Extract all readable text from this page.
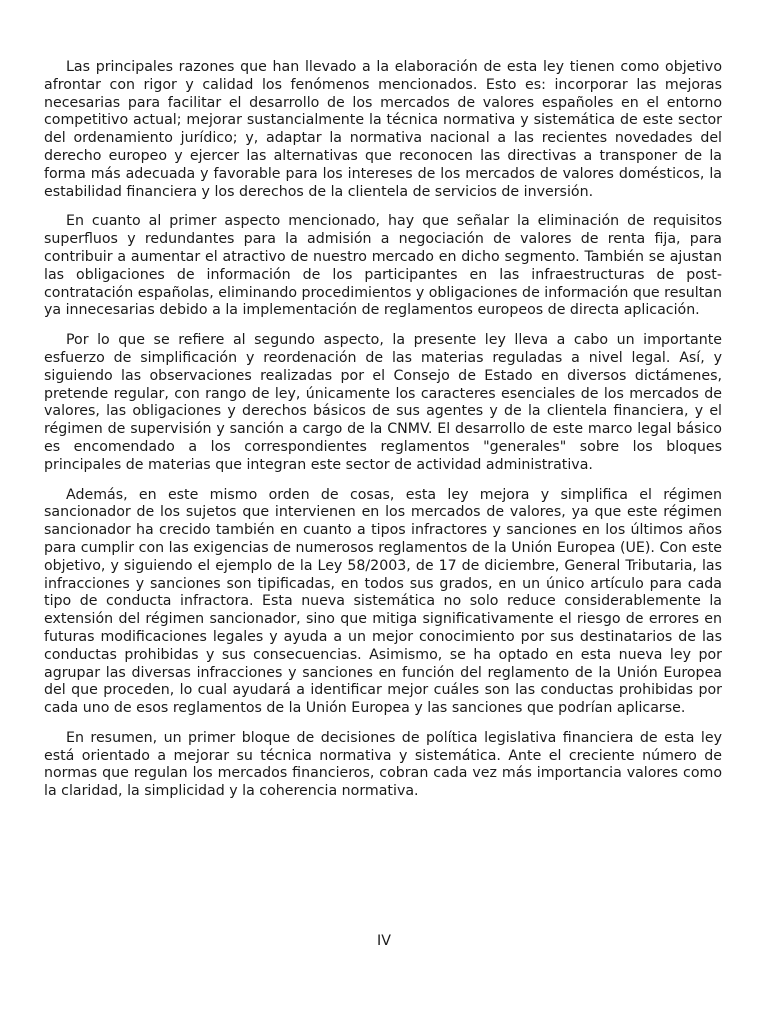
Las principales razones que han llevado a la elaboración de esta ley tienen como objetivo afrontar con rigor y calidad los fenómenos mencionados. Esto es: incorporar las mejoras necesarias para facilitar el desarrollo de los mercados de valores españoles en el entorno competitivo actual; mejorar sustancialmente la técnica normativa y sistemática de este sector del ordenamiento jurídico; y, adaptar la normativa nacional a las recientes novedades del derecho europeo y ejercer las alternativas que reconocen las directivas a transponer de la forma más adecuada y favorable para los intereses de los mercados de valores domésticos, la estabilidad financiera y los derechos de la clientela de servicios de inversión.

En cuanto al primer aspecto mencionado, hay que señalar la eliminación de requisitos superfluos y redundantes para la admisión a negociación de valores de renta fija, para contribuir a aumentar el atractivo de nuestro mercado en dicho segmento. También se ajustan las obligaciones de información de los participantes en las infraestructuras de post-contratación españolas, eliminando procedimientos y obligaciones de información que resultan ya innecesarias debido a la implementación de reglamentos europeos de directa aplicación.

Por lo que se refiere al segundo aspecto, la presente ley lleva a cabo un importante esfuerzo de simplificación y reordenación de las materias reguladas a nivel legal. Así, y siguiendo las observaciones realizadas por el Consejo de Estado en diversos dictámenes, pretende regular, con rango de ley, únicamente los caracteres esenciales de los mercados de valores, las obligaciones y derechos básicos de sus agentes y de la clientela financiera, y el régimen de supervisión y sanción a cargo de la CNMV. El desarrollo de este marco legal básico es encomendado a los correspondientes reglamentos "generales" sobre los bloques principales de materias que integran este sector de actividad administrativa.

Además, en este mismo orden de cosas, esta ley mejora y simplifica el régimen sancionador de los sujetos que intervienen en los mercados de valores, ya que este régimen sancionador ha crecido también en cuanto a tipos infractores y sanciones en los últimos años para cumplir con las exigencias de numerosos reglamentos de la Unión Europea (UE). Con este objetivo, y siguiendo el ejemplo de la Ley 58/2003, de 17 de diciembre, General Tributaria, las infracciones y sanciones son tipificadas, en todos sus grados, en un único artículo para cada tipo de conducta infractora. Esta nueva sistemática no solo reduce considerablemente la extensión del régimen sancionador, sino que mitiga significativamente el riesgo de errores en futuras modificaciones legales y ayuda a un mejor conocimiento por sus destinatarios de las conductas prohibidas y sus consecuencias. Asimismo, se ha optado en esta nueva ley por agrupar las diversas infracciones y sanciones en función del reglamento de la Unión Europea del que proceden, lo cual ayudará a identificar mejor cuáles son las conductas prohibidas por cada uno de esos reglamentos de la Unión Europea y las sanciones que podrían aplicarse.

En resumen, un primer bloque de decisiones de política legislativa financiera de esta ley está orientado a mejorar su técnica normativa y sistemática. Ante el creciente número de normas que regulan los mercados financieros, cobran cada vez más importancia valores como la claridad, la simplicidad y la coherencia normativa.

IV
